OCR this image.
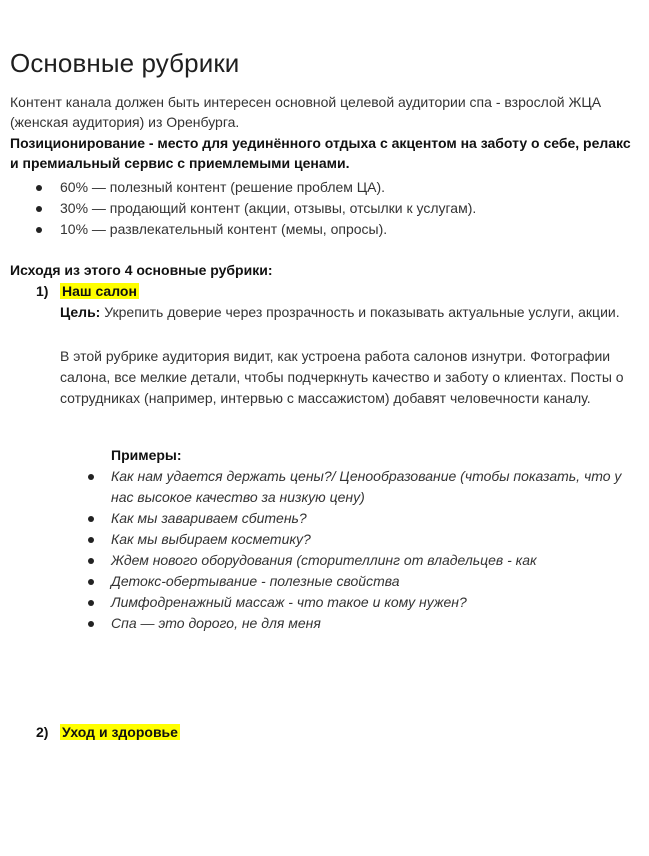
Основные рубрики
Контент канала должен быть интересен основной целевой аудитории спа - взрослой ЖЦА (женская аудитория) из Оренбурга.
Позиционирование - место для уединённого отдыха с акцентом на заботу о себе, релакс и премиальный сервис с приемлемыми ценами.
60% — полезный контент (решение проблем ЦА).
30% — продающий контент (акции, отзывы, отсылки к услугам).
10% — развлекательный контент (мемы, опросы).
Исходя из этого 4 основные рубрики:
1) Наш салон
Цель: Укрепить доверие через прозрачность и показывать актуальные услуги, акции.
В этой рубрике аудитория видит, как устроена работа салонов изнутри. Фотографии салона, все мелкие детали, чтобы подчеркнуть качество и заботу о клиентах. Посты о сотрудниках (например, интервью с массажистом) добавят человечности каналу.
Примеры:
Как нам удается держать цены?/ Ценообразование (чтобы показать, что у нас высокое качество за низкую цену)
Как мы завариваем сбитень?
Как мы выбираем косметику?
Ждем нового оборудования (сторителлинг от владельцев - как
Детокс-обертывание - полезные свойства
Лимфодренажный массаж - что такое и кому нужен?
Спа — это дорого, не для меня
2) Уход и здоровье
